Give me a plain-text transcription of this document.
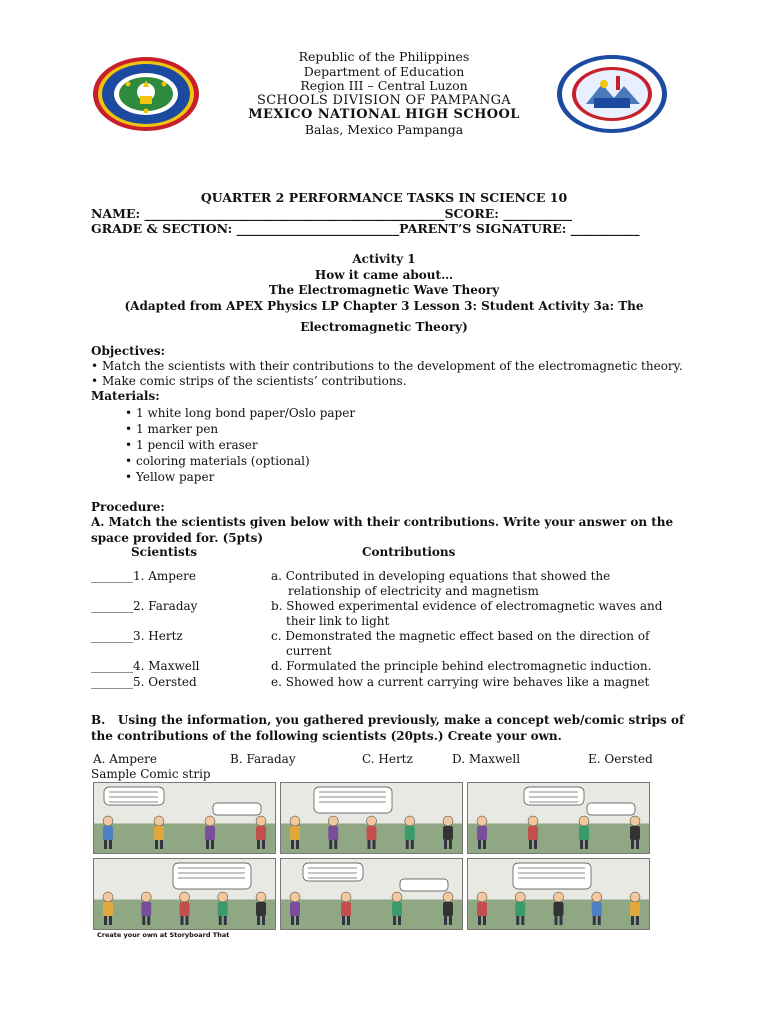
Republic of the Philippines
Department of Education
Region III – Central Luzon
SCHOOLS DIVISION OF PAMPANGA
MEXICO NATIONAL HIGH SCHOOL
Balas, Mexico Pampanga
QUARTER 2 PERFORMANCE TASKS IN SCIENCE 10
NAME: ________________________________________________SCORE: ___________
GRADE & SECTION: __________________________PARENT’S SIGNATURE: ___________
Activity 1
How it came about…
The Electromagnetic Wave Theory
(Adapted from APEX Physics LP Chapter 3 Lesson 3: Student Activity 3a: The
Electromagnetic Theory)
Objectives:
• Match the scientists with their contributions to the development of the electromagnetic theory.
• Make comic strips of the scientists’ contributions.
Materials:
• 1 white long bond paper/Oslo paper
• 1 marker pen
• 1 pencil with eraser
• coloring materials (optional)
• Yellow paper
Procedure:
A. Match the scientists given below with their contributions. Write your answer on the
space provided for. (5pts)
Scientists	Contributions
_______1. Ampere	a. Contributed in developing equations that showed the
relationship of electricity and magnetism
_______2. Faraday	b. Showed experimental evidence of electromagnetic waves and
their link to light
_______3. Hertz	c. Demonstrated the magnetic effect based on the direction of
current
_______4. Maxwell	d. Formulated the principle behind electromagnetic induction.
_______5. Oersted	e. Showed how a current carrying wire behaves like a magnet
B. Using the information, you gathered previously, make a concept web/comic strips of
the contributions of the following scientists (20pts.) Create your own.
A. Ampere	B. Faraday	C. Hertz	D. Maxwell	E. Oersted
Sample Comic strip
Create your own at Storyboard That
